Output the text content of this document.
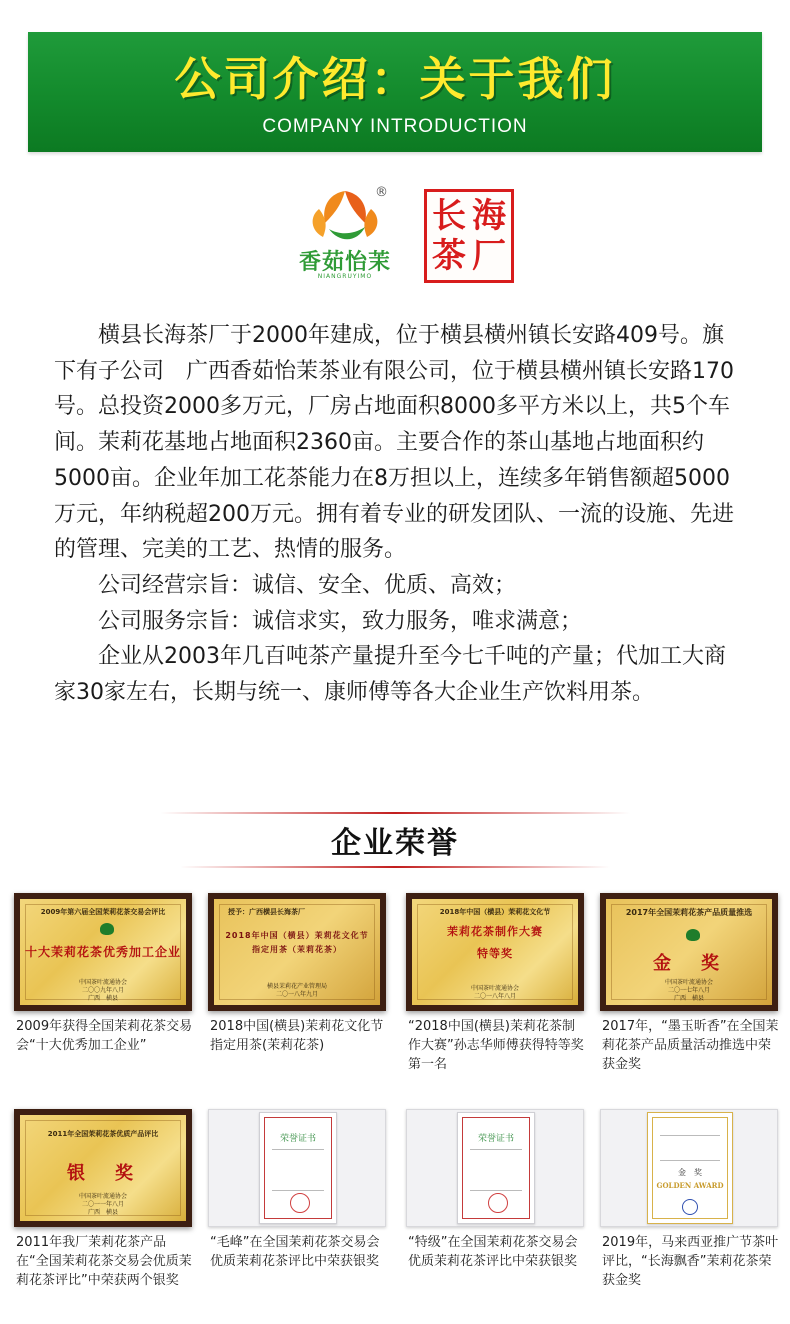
公司介绍：关于我们
COMPANY INTRODUCTION
®
香茹怡茉
NIANGRUYIMO
长 海
茶 厂

横县长海茶厂于2000年建成，位于横县横州镇长安路409号。旗下有子公司　广西香茹怡茉茶业有限公司，位于横县横州镇长安路170号。总投资2000多万元，厂房占地面积8000多平方米以上，共5个车间。茉莉花基地占地面积2360亩。主要合作的茶山基地占地面积约5000亩。企业年加工花茶能力在8万担以上，连续多年销售额超5000万元，年纳税超200万元。拥有着专业的研发团队、一流的设施、先进的管理、完美的工艺、热情的服务。

公司经营宗旨：诚信、安全、优质、高效；

公司服务宗旨：诚信求实，致力服务，唯求满意；

企业从2003年几百吨茶产量提升至今七千吨的产量；代加工大商家30家左右，长期与统一、康师傅等各大企业生产饮料用茶。

企业荣誉
2009年第六届全国茉莉花茶交易会评比
十大茉莉花茶优秀加工企业
中国茶叶流通协会
二〇〇九年八月
广西　横县
2009年获得全国茉莉花茶交易会“十大优秀加工企业”
授予：广西横县长海茶厂
2018年中国（横县）茉莉花文化节
指定用茶（茉莉花茶）
横县茉莉花产业管理局
二〇一八年九月
2018中国(横县)茉莉花文化节指定用茶(茉莉花茶)
2018年中国（横县）茉莉花文化节
茉莉花茶制作大赛
特等奖
中国茶叶流通协会
二〇一八年八月
“2018中国(横县)茉莉花茶制作大赛”孙志华师傅获得特等奖第一名
2017年全国茉莉花茶产品质量推选
金　奖
中国茶叶流通协会
二〇一七年八月
广西　横县
2017年，“墨玉昕香”在全国茉莉花茶产品质量活动推选中荣获金奖
2011年全国茉莉花茶优质产品评比
银　奖
中国茶叶流通协会
二〇一一年八月
广西　横县
2011年我厂茉莉花茶产品在“全国茉莉花茶交易会优质茉莉花茶评比”中荣获两个银奖
荣誉证书
“毛峰”在全国茉莉花茶交易会优质茉莉花茶评比中荣获银奖
荣誉证书
“特级”在全国茉莉花茶交易会优质茉莉花茶评比中荣获银奖
金　奖
GOLDEN AWARD
2019年，马来西亚推广节茶叶评比，“长海飘香”茉莉花茶荣获金奖
